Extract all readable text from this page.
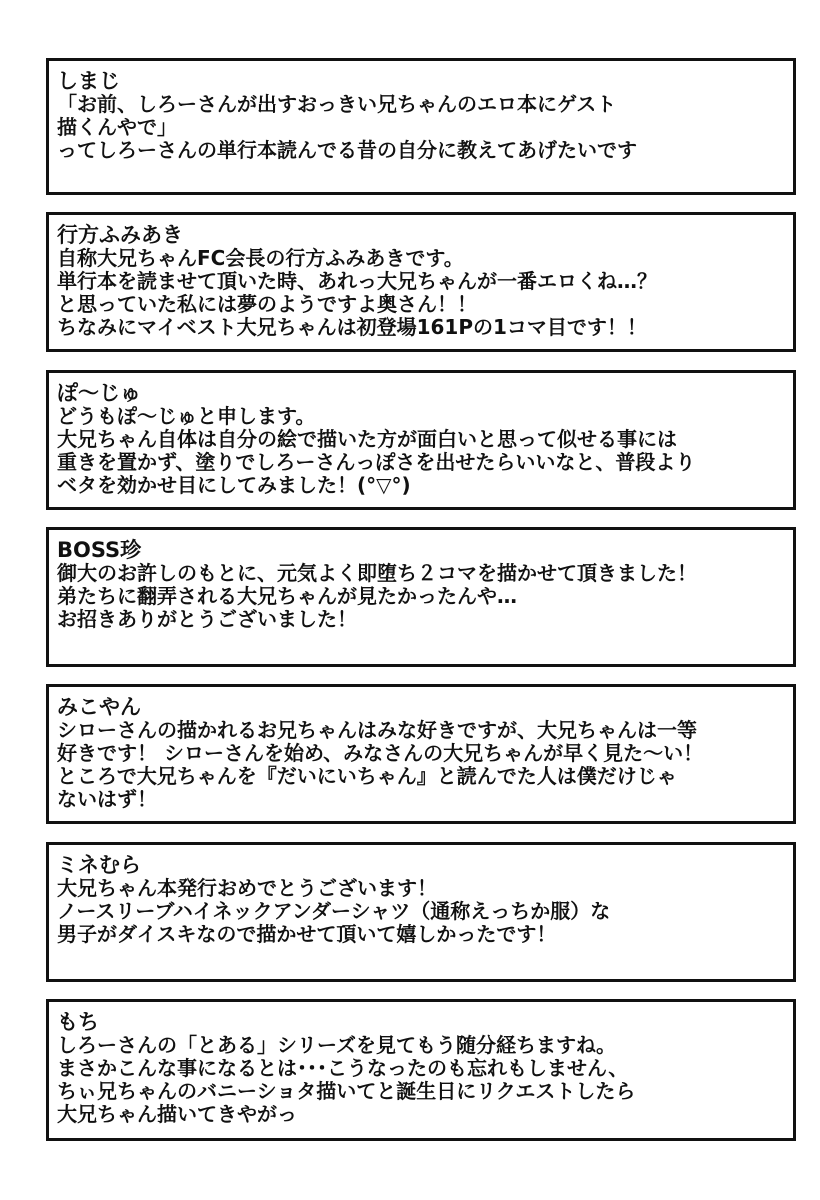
しまじ

「お前、しろーさんが出すおっきい兄ちゃんのエロ本にゲスト

描くんやで」

ってしろーさんの単行本読んでる昔の自分に教えてあげたいです

行方ふみあき

自称大兄ちゃんFC会長の行方ふみあきです。

単行本を読ませて頂いた時、あれっ大兄ちゃんが一番エロくね…？

と思っていた私には夢のようですよ奥さん！！

ちなみにマイベスト大兄ちゃんは初登場161Pの1コマ目です！！

ぽ〜じゅ

どうもぽ〜じゅと申します。

大兄ちゃん自体は自分の絵で描いた方が面白いと思って似せる事には

重きを置かず、塗りでしろーさんっぽさを出せたらいいなと、普段より

ベタを効かせ目にしてみました！(°▽°)

BOSS珍

御大のお許しのもとに、元気よく即堕ち２コマを描かせて頂きました！

弟たちに翻弄される大兄ちゃんが見たかったんや…

お招きありがとうございました！

みこやん

シローさんの描かれるお兄ちゃんはみな好きですが、大兄ちゃんは一等

好きです！ シローさんを始め、みなさんの大兄ちゃんが早く見た〜い！

ところで大兄ちゃんを『だいにいちゃん』と読んでた人は僕だけじゃ

ないはず！

ミネむら

大兄ちゃん本発行おめでとうございます！

ノースリーブハイネックアンダーシャツ（通称えっちか服）な

男子がダイスキなので描かせて頂いて嬉しかったです！

もち

しろーさんの「とある」シリーズを見てもう随分経ちますね。

まさかこんな事になるとは･･･こうなったのも忘れもしません、

ちぃ兄ちゃんのバニーショタ描いてと誕生日にリクエストしたら

大兄ちゃん描いてきやがっ
